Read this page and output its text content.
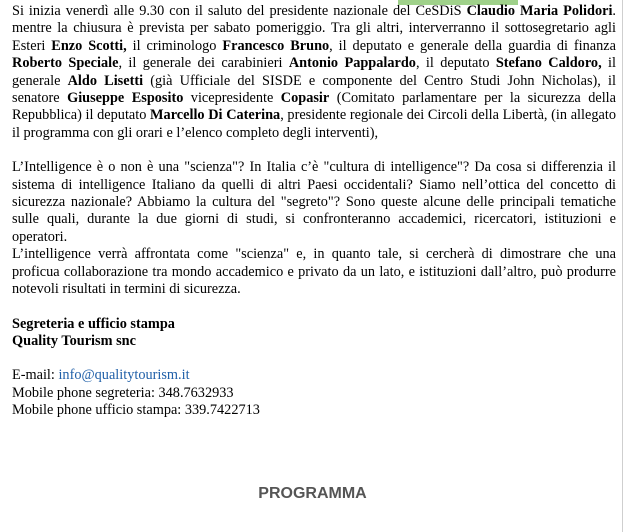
Si inizia venerdì alle 9.30 con il saluto del presidente nazionale del CeSDiS Claudio Maria Polidori. mentre la chiusura è prevista per sabato pomeriggio. Tra gli altri, interverranno il sottosegretario agli Esteri Enzo Scotti, il criminologo Francesco Bruno, il deputato e generale della guardia di finanza Roberto Speciale, il generale dei carabinieri Antonio Pappalardo, il deputato Stefano Caldoro, il generale Aldo Lisetti (già Ufficiale del SISDE e componente del Centro Studi John Nicholas), il senatore Giuseppe Esposito vicepresidente Copasir (Comitato parlamentare per la sicurezza della Repubblica) il deputato Marcello Di Caterina, presidente regionale dei Circoli della Libertà, (in allegato il programma con gli orari e l’elenco completo degli interventi),

L’Intelligence è o non è una "scienza"? In Italia c’è "cultura di intelligence"? Da cosa si differenzia il sistema di intelligence Italiano da quelli di altri Paesi occidentali? Siamo nell’ottica del concetto di sicurezza nazionale? Abbiamo la cultura del "segreto"? Sono queste alcune delle principali tematiche sulle quali, durante la due giorni di studi, si confronteranno accademici, ricercatori, istituzioni e operatori.

L’intelligence verrà affrontata come "scienza" e, in quanto tale, si cercherà di dimostrare che una proficua collaborazione tra mondo accademico e privato da un lato, e istituzioni dall’altro, può produrre notevoli risultati in termini di sicurezza.

Segreteria e ufficio stampa

Quality Tourism snc

E-mail: info@qualitytourism.it

Mobile phone segreteria: 348.7632933

Mobile phone ufficio stampa: 339.7422713

PROGRAMMA
